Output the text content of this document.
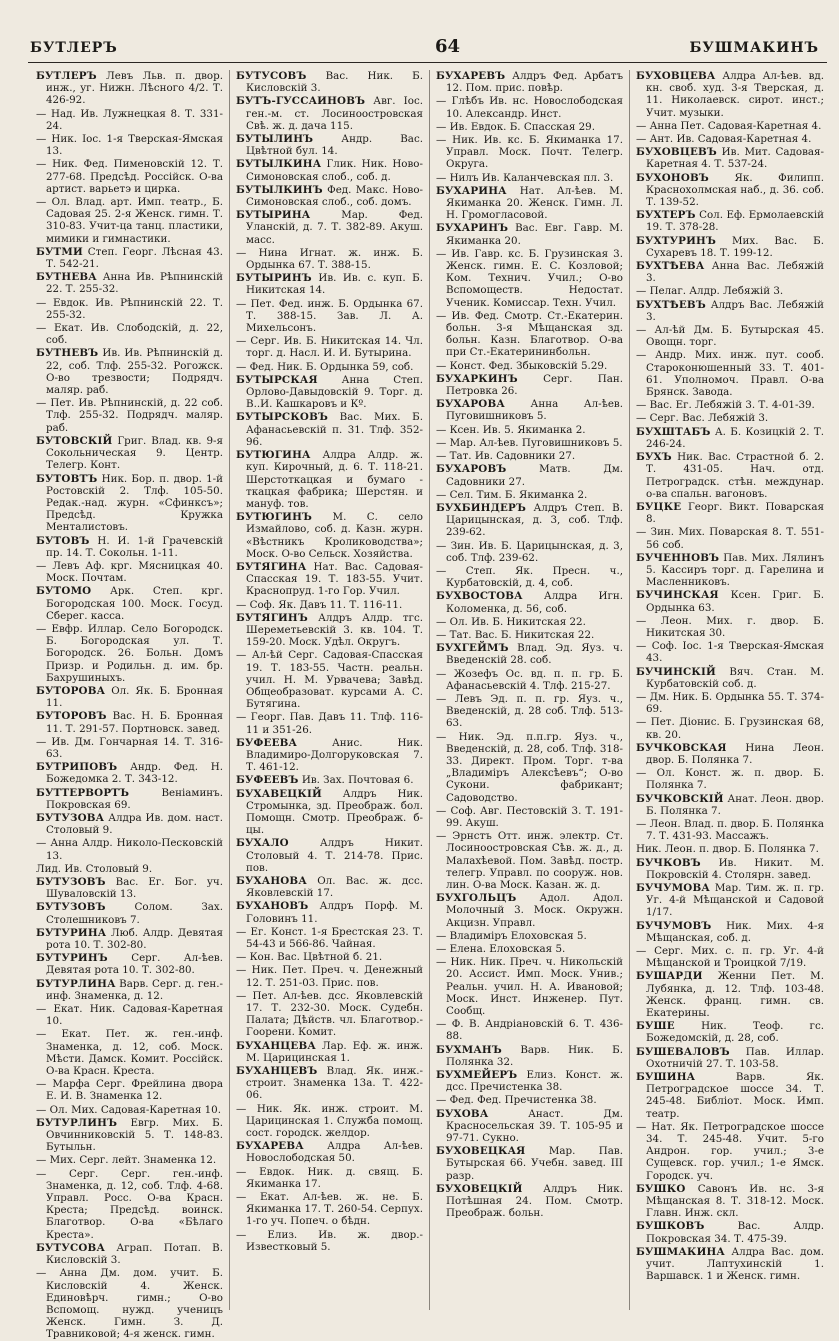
БУТЛЕРЪ	64	БУШМАКИНЪ
БУТЛЕРЪ Левъ Льв. п. двор. инж., уг. Нижн. Лѣсного 4/2. Т. 426-92.
— Над. Ив. Лужнецкая 8. Т. 331-24.
— Ник. Іос. 1-я Тверская-Ямская 13.
— Ник. Фед. Пименовскій 12. Т. 277-68. Предсѣд. Россійск. О-ва артист. варьетэ и цирка.
— Ол. Влад. арт. Имп. театр., Б. Садовая 25. 2-я Женск. гимн. Т. 310-83. Учит-ца танц. пластики, мимики и гимнастики.
БУТМИ Степ. Георг. Лѣсная 43. Т. 542-21.
БУТНЕВА Анна Ив. Рѣпнинскій 22. Т. 255-32.
— Евдок. Ив. Рѣпнинскій 22. Т. 255-32.
— Екат. Ив. Слободскій, д. 22, соб.
БУТНЕВЪ Ив. Ив. Рѣпнинскій д. 22, соб. Тлф. 255-32. Рогожск. О-во трезвости; Подрядч. маляр. раб.
— Пет. Ив. Рѣпнинскій, д. 22 соб. Тлф. 255-32. Подрядч. маляр. раб.
БУТОВСКІЙ Григ. Влад. кв. 9-я Сокольническая 9. Центр. Телегр. Конт.
БУТОВТЪ Ник. Бор. п. двор. 1-й Ростовскій 2. Тлф. 105-50. Редак.-над. журн. «Сфинксъ»; Предсѣд. Кружка Менталистовъ.
БУТОВЪ Н. И. 1-й Грачевскій пр. 14. Т. Сокольн. 1-11.
— Левъ Аф. крг. Мясницкая 40. Моск. Почтам.
БУТОМО Арк. Степ. крг. Богородская 100. Моск. Госуд. Сберег. касса.
— Евфр. Иллар. Село Богородск. Б. Богородская ул. Т. Богородск. 26. Больн. Домъ Призр. и Родильн. д. им. бр. Бахрушиныхъ.
БУТОРОВА Ол. Як. Б. Бронная 11.
БУТОРОВЪ Вас. Н. Б. Бронная 11. Т. 291-57. Портновск. завед.
— Ив. Дм. Гончарная 14. Т. 316-63.
БУТРИПОВЪ Андр. Фед. Н. Божедомка 2. Т. 343-12.
БУТТЕРВОРТЪ Веніаминъ. Покровская 69.
БУТУЗОВА Алдра Ив. дом. наст. Столовый 9.
— Анна Алдр. Николо-Песковскій 13.
Лид. Ив. Столовый 9.
БУТУЗОВЪ Вас. Ег. Бог. уч. Шуваловскій 13.
БУТУЗОВЪ Солом. Зах. Столешниковъ 7.
БУТУРИНА Люб. Алдр. Девятая рота 10. Т. 302-80.
БУТУРИНЪ Серг. Ал-ѣев. Девятая рота 10. Т. 302-80.
БУТУРЛИНА Варв. Серг. д. ген.-инф. Знаменка, д. 12.
— Екат. Ник. Садовая-Каретная 10.
— Екат. Пет. ж. ген.-инф. Знаменка, д. 12, соб. Моск. Мѣсти. Дамск. Комит. Россійск. О-ва Красн. Креста.
— Марфа Серг. Фрейлина двора Е. И. В. Знаменка 12.
— Ол. Мих. Садовая-Каретная 10.
БУТУРЛИНЪ Евгр. Мих. Б. Овчинниковскій 5. Т. 148-83. Бутыльн.
— Мих. Серг. лейт. Знаменка 12.
— Серг. Серг. ген.-инф. Знаменка, д. 12, соб. Тлф. 4-68. Управл. Росс. О-ва Красн. Креста; Предсѣд. воинск. Благотвор. О-ва «Бѣлаго Креста».
БУТУСОВА Аграп. Потап. В. Кисловскій 3.
— Анна Дм. дом. учит. Б. Кисловскій 4. Женск. Единовѣрч. гимн.; О-во Вспомощ. нужд. ученицъ Женск. Гимн. З. Д. Травниковой; 4-я женск. гимн.
БУТУСОВЪ Вас. Ник. Б. Кисловскій 3.
БУТЪ-ГУССАИНОВЪ Авг. Іос. ген.-м. ст. Лосиноостровская Свѣ. ж. д. дача 115.
БУТЫЛИНЪ Андр. Вас. Цвѣтной бул. 14.
БУТЫЛКИНА Глик. Ник. Ново-Симоновская слоб., соб. д.
БУТЫЛКИНЪ Фед. Макс. Ново-Симоновская слоб., соб. домъ.
БУТЫРИНА Мар. Фед. Уланскій, д. 7. Т. 382-89. Акуш. масс.
— Нина Игнат. ж. инж. Б. Ордынка 67. Т. 388-15.
БУТЫРИНЪ Ив. Ив. с. куп. Б. Никитская 14.
— Пет. Фед. инж. Б. Ордынка 67. Т. 388-15. Зав. Л. А. Михельсонъ.
— Серг. Ив. Б. Никитская 14. Чл. торг. д. Насл. И. И. Бутырина.
— Фед. Ник. Б. Ордынка 59, соб.
БУТЫРСКАЯ Анна Степ. Орлово-Давыдовскій 9. Торг. д. В..И. Кашкаровъ и Кº.
БУТЫРСКОВЪ Вас. Мих. Б. Афанасьевскій п. 31. Тлф. 352-96.
БУТЮГИНА Алдра Алдр. ж. куп. Кирочный, д. 6. Т. 118-21. Шерстоткацкая и бумаго - ткацкая фабрика; Шерстян. и мануф. тов.
БУТЮГИНЪ М. С. село Измайлово, соб. д. Казн. журн. «Вѣстникъ Кролиководства»; Моск. О-во Сельск. Хозяйства.
БУТЯГИНА Нат. Вас. Садовая-Спасская 19. Т. 183-55. Учит. Краснопруд. 1-го Гор. Учил.
— Соф. Як. Давъ 11. Т. 116-11.
БУТЯГИНЪ Алдръ Алдр. тгс. Шереметьевскій 3. кв. 104. Т. 159-20. Моск. Удѣл. Округъ.
— Ал-ѣй Серг. Садовая-Спасская 19. Т. 183-55. Частн. реальн. учил. Н. М. Урвачева; Завѣд. Общеобразоват. курсами А. С. Бутягина.
— Георг. Пав. Давъ 11. Тлф. 116-11 и 351-26.
БУФЕЕВА Анис. Ник. Владимиро-Долгоруковская 7. Т. 461-12.
БУФЕЕВЪ Ив. Зах. Почтовая 6.
БУХАВЕЦКІЙ Алдръ Ник. Стромынка, зд. Преображ. бол. Помощн. Смотр. Преображ. б-цы.
БУХАЛО Алдръ Никит. Столовый 4. Т. 214-78. Прис. пов.
БУХАНОВА Ол. Вас. ж. дсс. Яковлевскій 17.
БУХАНОВЪ Алдръ Порф. М. Головинъ 11.
— Ег. Конст. 1-я Брестская 23. Т. 54-43 и 566-86. Чайная.
— Кон. Вас. Цвѣтной б. 21.
— Ник. Пет. Преч. ч. Денежный 12. Т. 251-03. Прис. пов.
— Пет. Ал-ѣев. дсс. Яковлевскій 17. Т. 232-30. Моск. Судебн. Палата; Дѣйств. чл. Благотвор.-Гоорени. Комит.
БУХАНЦЕВА Лар. Еф. ж. инж. М. Царицинская 1.
БУХАНЦЕВЪ Влад. Як. инж.-строит. Знаменка 13а. Т. 422-06.
— Ник. Як. инж. строит. М. Царицинская 1. Служба помощ. сост. городск. желдор.
БУХАРЕВА Алдра Ал-ѣев. Новослободская 50.
— Евдок. Ник. д. свящ. Б. Якиманка 17.
— Екат. Ал-ѣев. ж. не. Б. Якиманка 17. Т. 260-54. Серпух. 1-го уч. Попеч. о бѣдн.
— Елиз. Ив. ж. двор.-Известковый 5.
БУХАРЕВЪ Алдръ Фед. Арбатъ 12. Пом. прис. повѣр.
— Глѣбъ Ив. нс. Новослободская 10. Александр. Инст.
— Ив. Евдок. Б. Спасская 29.
— Ник. Ив. кс. Б. Якиманка 17. Управл. Моск. Почт. Телегр. Округа.
— Нилъ Ив. Каланчевская пл. 3.
БУХАРИНА Нат. Ал-ѣев. М. Якиманка 20. Женск. Гимн. Л. Н. Громогласовой.
БУХАРИНЪ Вас. Евг. Гавр. М. Якиманка 20.
— Ив. Гавр. кс. Б. Грузинская 3. Женск. гимн. Е. С. Козловой; Ком. Технич. Учил.; О-во Вспомоществ. Недостат. Ученик. Комиссар. Техн. Учил.
— Ив. Фед. Смотр. Ст.-Екатерин. больн. 3-я Мѣщанская зд. больн. Казн. Благотвор. О-ва при Ст.-Екатерининбольн.
— Конст. Фед. Збыковскій 5.29.
БУХАРКИНЪ Серг. Пан. Петровка 26.
БУХАРОВА Анна Ал-ѣев. Пуговишниковъ 5.
— Ксен. Ив. 5. Якиманка 2.
— Мар. Ал-ѣев. Пуговишниковъ 5.
— Тат. Ив. Садовники 27.
БУХАРОВЪ Матв. Дм. Садовники 27.
— Сел. Тим. Б. Якиманка 2.
БУХБИНДЕРЪ Алдръ Степ. В. Царицынская, д. 3, соб. Тлф. 239-62.
— Зин. Ив. Б. Царицынская, д. 3, соб. Тлф. 239-62.
— Степ. Як. Пресн. ч., Курбатовскій, д. 4, соб.
БУХВОСТОВА Алдра Игн. Коломенка, д. 56, соб.
— Ол. Ив. Б. Никитская 22.
— Тат. Вас. Б. Никитская 22.
БУХГЕЙМЪ Влад. Эд. Яуз. ч. Введенскій 28. соб.
— Жозефъ Ос. вд. п. п. гр. Б. Афанасьевскій 4. Тлф. 215-27.
— Левъ Эд. п. п. гр. Яуз. ч., Введенскій, д. 28 соб. Тлф. 513-63.
— Ник. Эд. п.п.гр. Яуз. ч., Введенскій, д. 28, соб. Тлф. 318-33. Директ. Пром. Торг. т-ва „Владиміръ Алексѣевъ“; О-во Сукони. фабрикант; Садоводство.
— Соф. Авг. Пестовскій 3. Т. 191-99. Акуш.
— Эрнстъ Отт. инж. электр. Ст. Лосиноостровская Сѣв. ж. д., д. Малахѣевой. Пом. Завѣд. постр. телегр. Управл. по сооруж. нов. лин. О-ва Моск. Казан. ж. д.
БУХГОЛЬЦЪ Адол. Адол. Молочный 3. Моск. Окружн. Акцизн. Управл.
— Владиміръ Елоховская 5.
— Елена. Елоховская 5.
— Ник. Ник. Преч. ч. Никольскій 20. Ассист. Имп. Моск. Унив.; Реальн. учил. Н. А. Ивановой; Моск. Инст. Инженер. Пут. Сообщ.
— Ф. В. Андріановскій 6. Т. 436-88.
БУХМАНЪ Варв. Ник. Б. Полянка 32.
БУХМЕЙЕРЪ Елиз. Конст. ж. дсс. Пречистенка 38.
— Фед. Фед. Пречистенка 38.
БУХОВА Анаст. Дм. Красносельская 39. Т. 105-95 и 97-71. Сукно.
БУХОВЕЦКАЯ Мар. Пав. Бутырская 66. Учебн. завед. III разр.
БУХОВЕЦКІЙ Алдръ Ник. Потѣшная 24. Пом. Смотр. Преображ. больн.
БУХОВЦЕВА Алдра Ал-ѣев. вд. кн. своб. худ. 3-я Тверская, д. 11. Николаевск. сирот. инст.; Учит. музыки.
— Анна Пет. Садовая-Каретная 4.
— Ант. Ив. Садовая-Каретная 4.
БУХОВЦЕВЪ Ив. Мит. Садовая-Каретная 4. Т. 537-24.
БУХОНОВЪ Як. Филипп. Краснохолмская наб., д. 36. соб. Т. 139-52.
БУХТЕРЪ Сол. Еф. Ермолаевскій 19. Т. 378-28.
БУХТУРИНЪ Мих. Вас. Б. Сухаревъ 18. Т. 199-12.
БУХТѢЕВА Анна Вас. Лебяжій 3.
— Пелаг. Алдр. Лебяжій 3.
БУХТѢЕВЪ Алдръ Вас. Лебяжій 3.
— Ал-ѣй Дм. Б. Бутырская 45. Овощн. торг.
— Андр. Мих. инж. пут. сооб. Староконюшенный 33. Т. 401-61. Уполномоч. Правл. О-ва Брянск. Завода.
— Вас. Ег. Лебяжій 3. Т. 4-01-39.
— Серг. Вас. Лебяжій 3.
БУХШТАБЪ А. Б. Козицкій 2. Т. 246-24.
БУХЪ Ник. Вас. Страстной б. 2. Т. 431-05. Нач. отд. Петроградск. стѣн. междунар. о-ва спальн. вагоновъ.
БУЦКЕ Георг. Викт. Поварская 8.
— Зин. Мих. Поварская 8. Т. 551-56 соб.
БУЧЕННОВЪ Пав. Мих. Лялинъ 5. Кассиръ торг. д. Гарелина и Масленниковъ.
БУЧИНСКАЯ Ксен. Григ. Б. Ордынка 63.
— Леон. Мих. г. двор. Б. Никитская 30.
— Соф. Іос. 1-я Тверская-Ямская 43.
БУЧИНСКІЙ Вяч. Стан. М. Курбатовскій соб. д.
— Дм. Ник. Б. Ордынка 55. Т. 374-69.
— Пет. Діонис. Б. Грузинская 68, кв. 20.
БУЧКОВСКАЯ Нина Леон. двор. Б. Полянка 7.
— Ол. Конст. ж. п. двор. Б. Полянка 7.
БУЧКОВСКІЙ Анат. Леон. двор. Б. Полянка 7.
— Леон. Влад. п. двор. Б. Полянка 7. Т. 431-93. Массажъ.
Ник. Леон. п. двор. Б. Полянка 7.
БУЧКОВЪ Ив. Никит. М. Покровскій 4. Столярн. завед.
БУЧУМОВА Мар. Тим. ж. п. гр. Уг. 4-й Мѣщанской и Садовой 1/17.
БУЧУМОВЪ Ник. Мих. 4-я Мѣщанская, соб. д.
— Серг. Мих. с. п. гр. Уг. 4-й Мѣщанской и Троицкой 7/19.
БУШАРДИ Женни Пет. М. Лубянка, д. 12. Тлф. 103-48. Женск. франц. гимн. св. Екатерины.
БУШЕ Ник. Теоф. гс. Божедомскій, д. 28, соб.
БУШЕВАЛОВЪ Пав. Иллар. Охотничій 27. Т. 103-58.
БУШИНА Варв. Як. Петроградское шоссе 34. Т. 245-48. Библіот. Моск. Имп. театр.
— Нат. Як. Петроградское шоссе 34. Т. 245-48. Учит. 5-го Андрон. гор. учил.; 3-е Сущевск. гор. учил.; 1-е Ямск. Городск. уч.
БУШКО Савонъ Ив. нс. 3-я Мѣщанская 8. Т. 318-12. Моск. Главн. Инж. скл.
БУШКОВЪ Вас. Алдр. Покровская 34. Т. 475-39.
БУШМАКИНА Алдра Вас. дом. учит. Лаптухинскій 1. Варшавск. 1 и Женск. гимн.
